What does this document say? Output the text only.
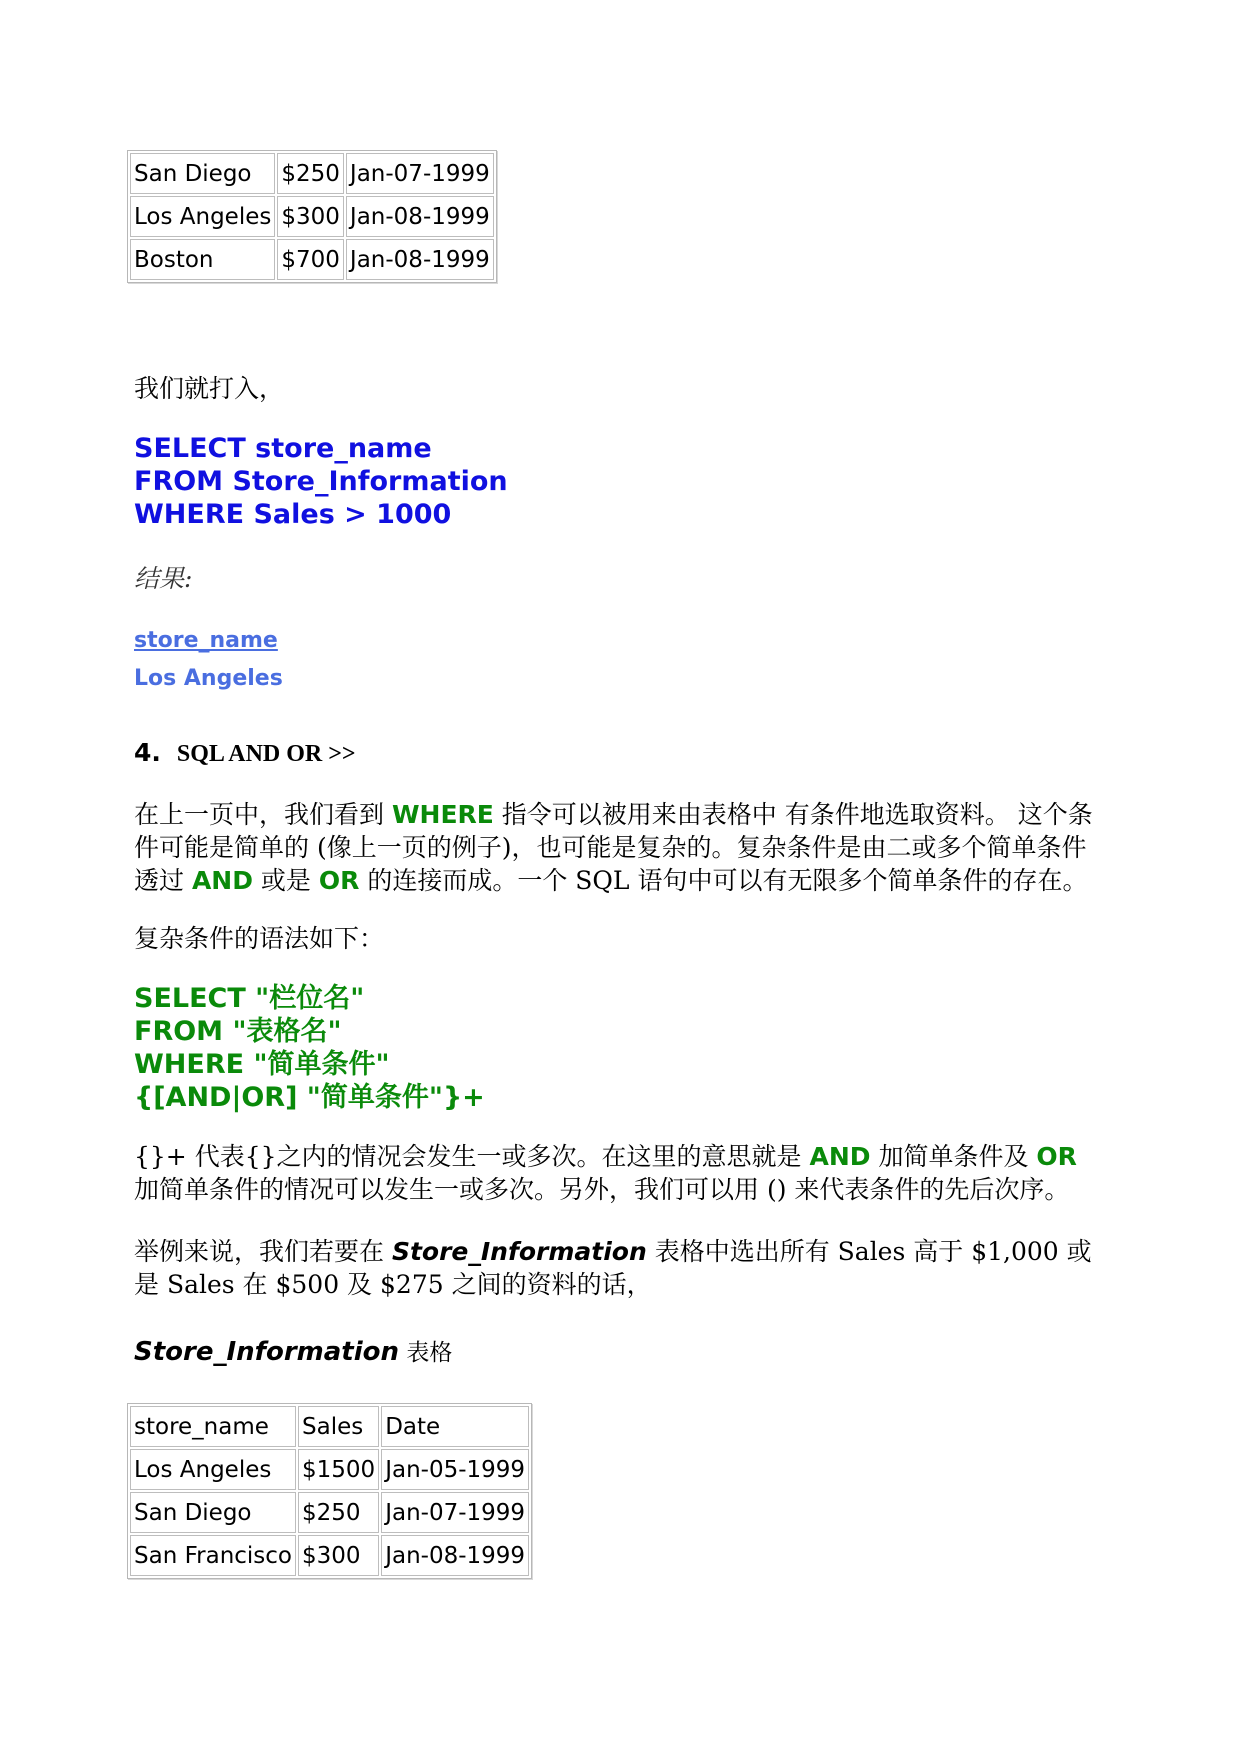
San Diego	$250	Jan-07-1999
Los Angeles	$300	Jan-08-1999
Boston	$700	Jan-08-1999
我们就打入，
SELECT store_name
FROM Store_Information
WHERE Sales > 1000
结果:
store_name
Los Angeles
4. SQL AND OR >>
在上一页中，我们看到 WHERE 指令可以被用来由表格中 有条件地选取资料。 这个条件可能是简单的 (像上一页的例子)，也可能是复杂的。复杂条件是由二或多个简单条件透过 AND 或是 OR 的连接而成。一个 SQL 语句中可以有无限多个简单条件的存在。
复杂条件的语法如下：
SELECT "栏位名"
FROM "表格名"
WHERE "简单条件"
{[AND|OR] "简单条件"}+
{}+ 代表{}之内的情况会发生一或多次。在这里的意思就是 AND 加简单条件及 OR 加简单条件的情况可以发生一或多次。另外，我们可以用 () 来代表条件的先后次序。
举例来说，我们若要在 Store_Information 表格中选出所有 Sales 高于 $1,000 或是 Sales 在 $500 及 $275 之间的资料的话，
Store_Information 表格
store_name	Sales	Date
Los Angeles	$1500	Jan-05-1999
San Diego	$250	Jan-07-1999
San Francisco	$300	Jan-08-1999
